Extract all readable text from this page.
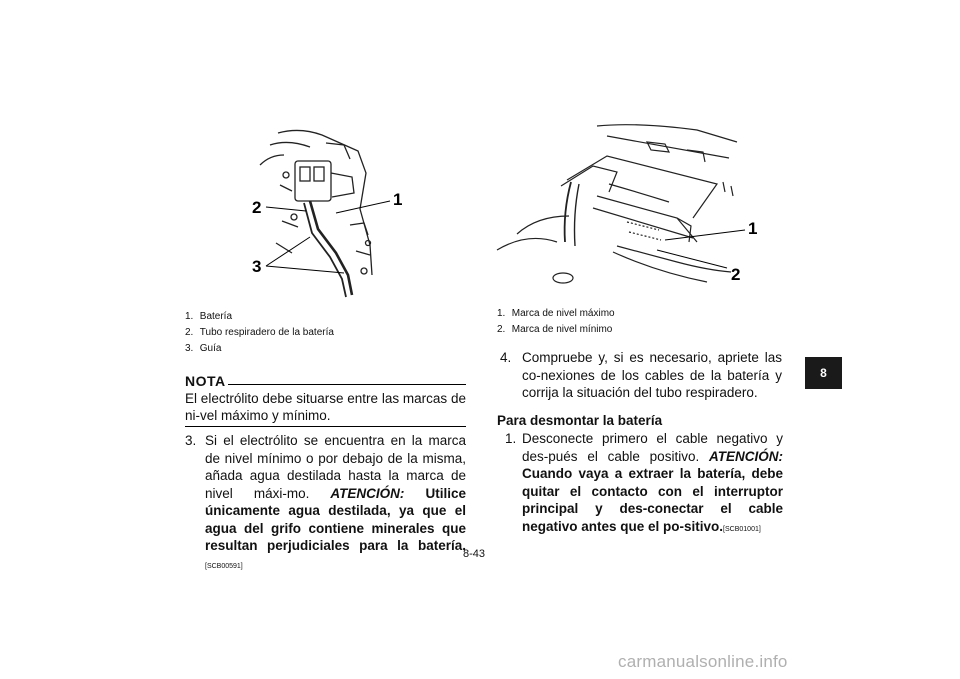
1
2
3
1.
Batería
2.
Tubo respiradero de la batería
3.
Guía
NOTA
El electrólito debe situarse entre las marcas de ni-vel máximo y mínimo.
3. Si el electrólito se encuentra en la marca de nivel mínimo o por debajo de la misma, añada agua destilada hasta la marca de nivel máxi-mo. ATENCIÓN: Utilice únicamente agua destilada, ya que el agua del grifo contiene minerales que resultan perjudiciales para la batería.[SCB00591]
1
2
1.
Marca de nivel máximo
2.
Marca de nivel mínimo
4. Compruebe y, si es necesario, apriete las co-nexiones de los cables de la batería y corrija la situación del tubo respiradero.
Para desmontar la batería
1. Desconecte primero el cable negativo y des-pués el cable positivo. ATENCIÓN: Cuando vaya a extraer la batería, debe quitar el contacto con el interruptor principal y des-conectar el cable negativo antes que el po-sitivo.[SCB01001]
8
8-43
carmanualsonline.info
